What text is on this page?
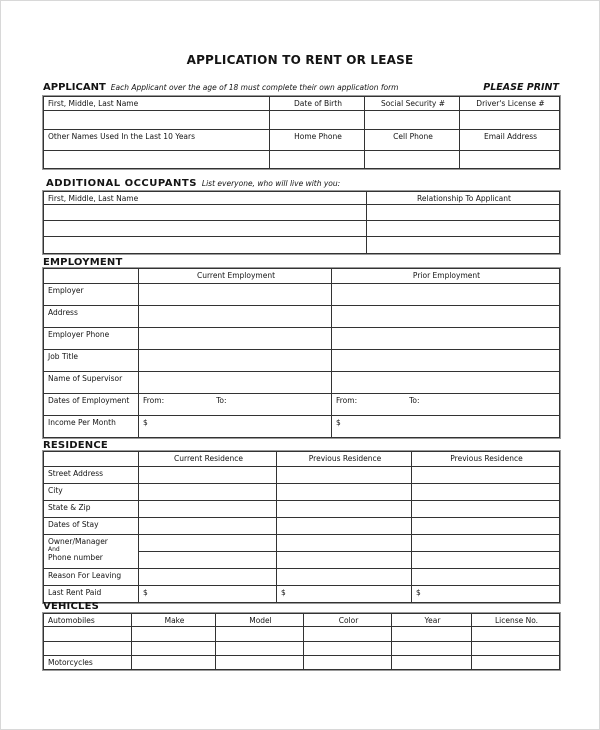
APPLICATION TO RENT OR LEASE
APPLICANT Each Applicant over the age of 18 must complete their own application form	PLEASE PRINT
First, Middle, Last Name	Date of Birth	Social Security #	Driver's License #

Other Names Used In the Last 10 Years	Home Phone	Cell Phone	Email Address

ADDITIONAL OCCUPANTS List everyone, who will live with you:
First, Middle, Last Name	Relationship To Applicant

EMPLOYMENT
	Current Employment	Prior Employment
Employer		
Address		
Employer Phone		
Job Title		
Name of Supervisor		
Dates of Employment	From: To:	From: To:
Income Per Month	$	$
RESIDENCE
	Current Residence	Previous Residence	Previous Residence
Street Address			
City			
State & Zip			
Dates of Stay			

Owner/Manager
And
Phone number			

Reason For Leaving			
Last Rent Paid	$	$	$
VEHICLES
Automobiles	Make	Model	Color	Year	License No.

Motorcycles					
